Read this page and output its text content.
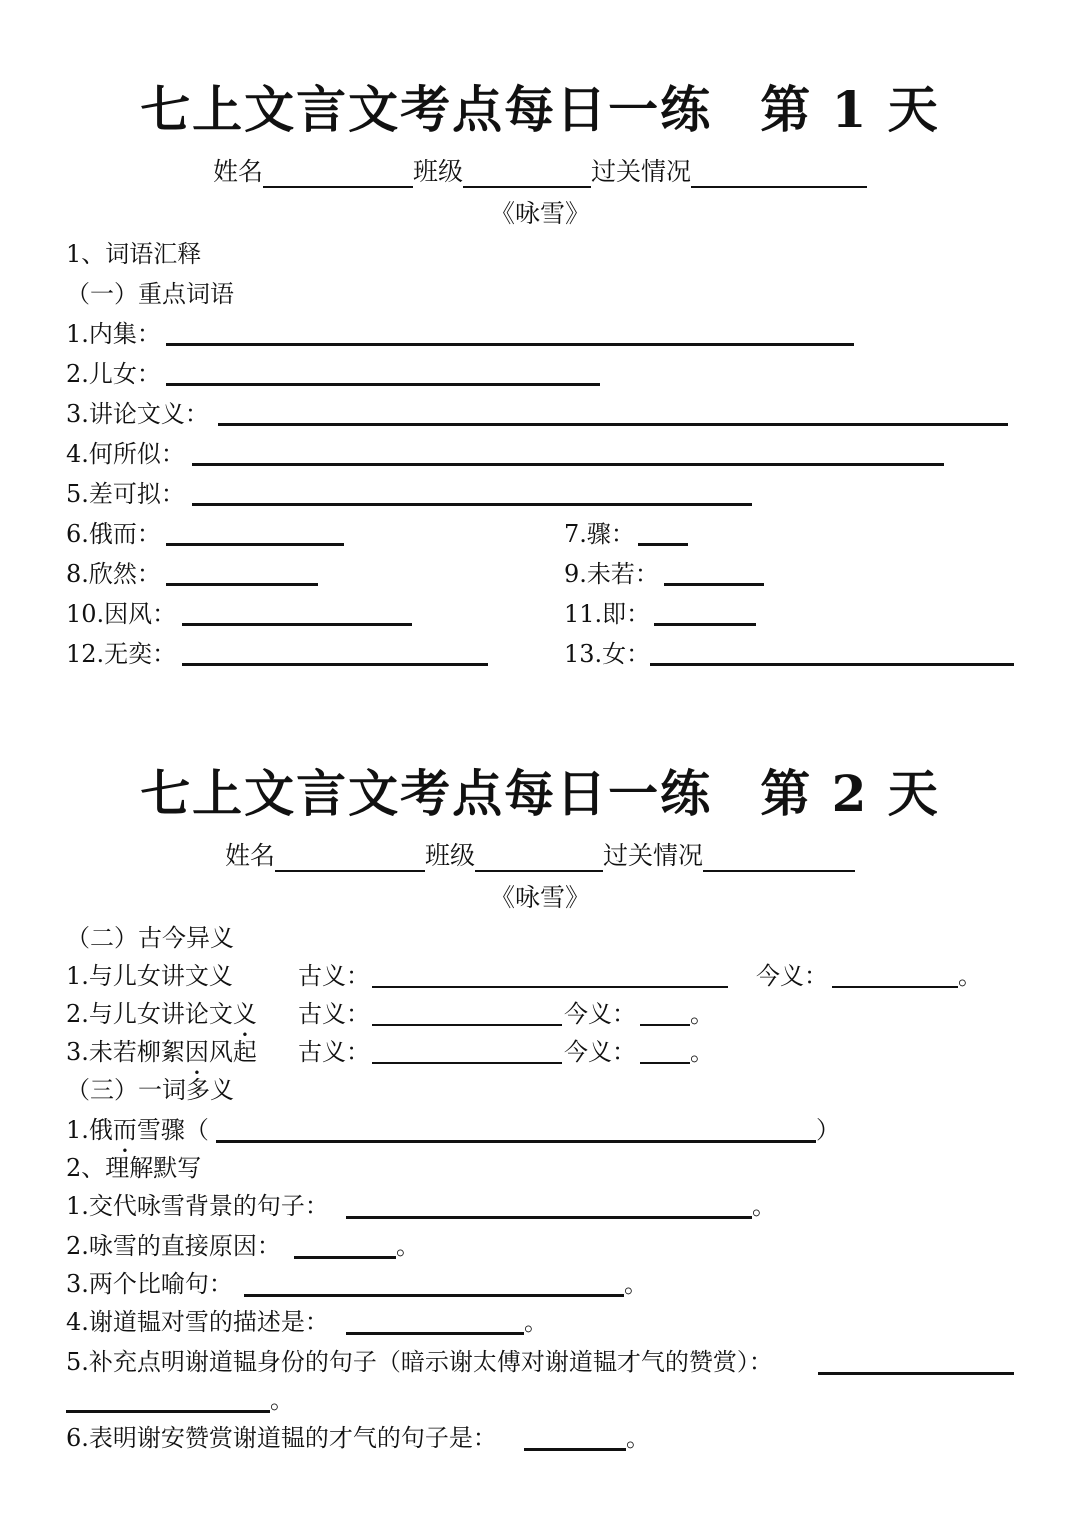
七上文言文考点每日一练 第 1 天
姓名	班级	过关情况
《咏雪》
1、词语汇释
（一）重点词语
1.内集：
2.儿女：
3.讲论文义：
4.何所似：
5.差可拟：
6.俄而：	7.骤：
8.欣然：	9.未若：
10.因风：	11.即：
12.无奕：	13.女：
七上文言文考点每日一练 第 2 天
姓名	班级	过关情况
《咏雪》
（二）古今异义
1.与儿女讲文义	古义：	今义：	。
2.与儿女讲论文义 古义：	今义： 。
3.未若柳絮因风起 古义：	今义： 。
（三）一词多义
1.俄而雪骤（	）
2、理解默写
1.交代咏雪背景的句子：	。
2.咏雪的直接原因：	。
3.两个比喻句：	。
4.谢道韫对雪的描述是：	。
5.补充点明谢道韫身份的句子（暗示谢太傅对谢道韫才气的赞赏）：
。
6.表明谢安赞赏谢道韫的才气的句子是：	。
